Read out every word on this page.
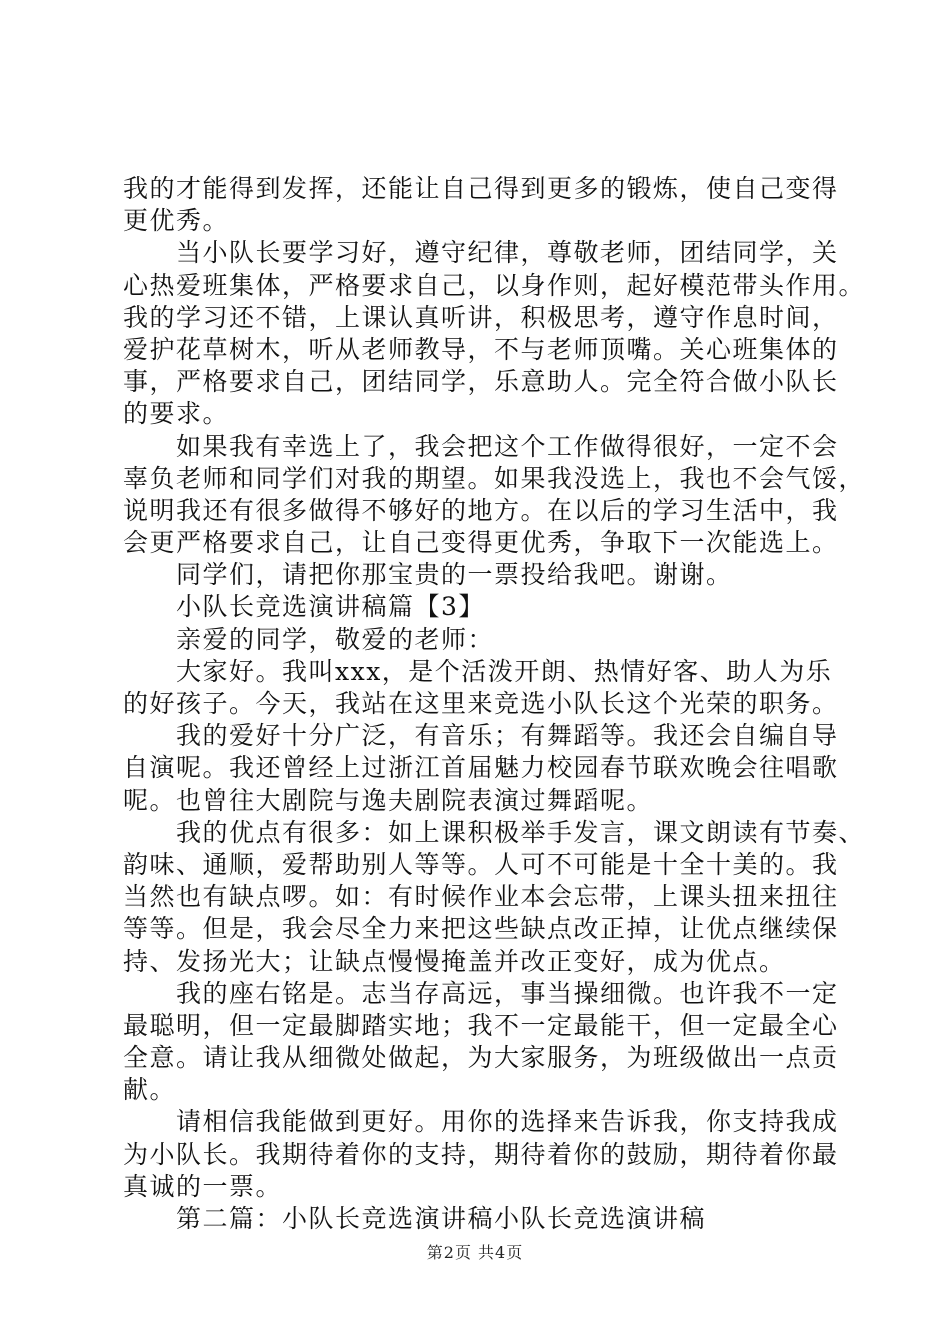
我的才能得到发挥，还能让自己得到更多的锻炼，使自己变得
更优秀。
　　当小队长要学习好，遵守纪律，尊敬老师，团结同学，关
心热爱班集体，严格要求自己，以身作则，起好模范带头作用。
我的学习还不错，上课认真听讲，积极思考，遵守作息时间，
爱护花草树木，听从老师教导，不与老师顶嘴。关心班集体的
事，严格要求自己，团结同学，乐意助人。完全符合做小队长
的要求。
　　如果我有幸选上了，我会把这个工作做得很好，一定不会
辜负老师和同学们对我的期望。如果我没选上，我也不会气馁，
说明我还有很多做得不够好的地方。在以后的学习生活中，我
会更严格要求自己，让自己变得更优秀，争取下一次能选上。
　　同学们，请把你那宝贵的一票投给我吧。谢谢。
　　小队长竞选演讲稿篇【3】
　　亲爱的同学，敬爱的老师：
　　大家好。我叫xxx，是个活泼开朗、热情好客、助人为乐
的好孩子。今天，我站在这里来竞选小队长这个光荣的职务。
　　我的爱好十分广泛，有音乐；有舞蹈等。我还会自编自导
自演呢。我还曾经上过浙江首届魅力校园春节联欢晚会往唱歌
呢。也曾往大剧院与逸夫剧院表演过舞蹈呢。
　　我的优点有很多：如上课积极举手发言，课文朗读有节奏、
韵味、通顺，爱帮助别人等等。人可不可能是十全十美的。我
当然也有缺点啰。如：有时候作业本会忘带，上课头扭来扭往
等等。但是，我会尽全力来把这些缺点改正掉，让优点继续保
持、发扬光大；让缺点慢慢掩盖并改正变好，成为优点。
　　我的座右铭是。志当存高远，事当操细微。也许我不一定
最聪明，但一定最脚踏实地；我不一定最能干，但一定最全心
全意。请让我从细微处做起，为大家服务，为班级做出一点贡
献。
　　请相信我能做到更好。用你的选择来告诉我，你支持我成
为小队长。我期待着你的支持，期待着你的鼓励，期待着你最
真诚的一票。
　　第二篇：小队长竞选演讲稿小队长竞选演讲稿
第2页 共4页
